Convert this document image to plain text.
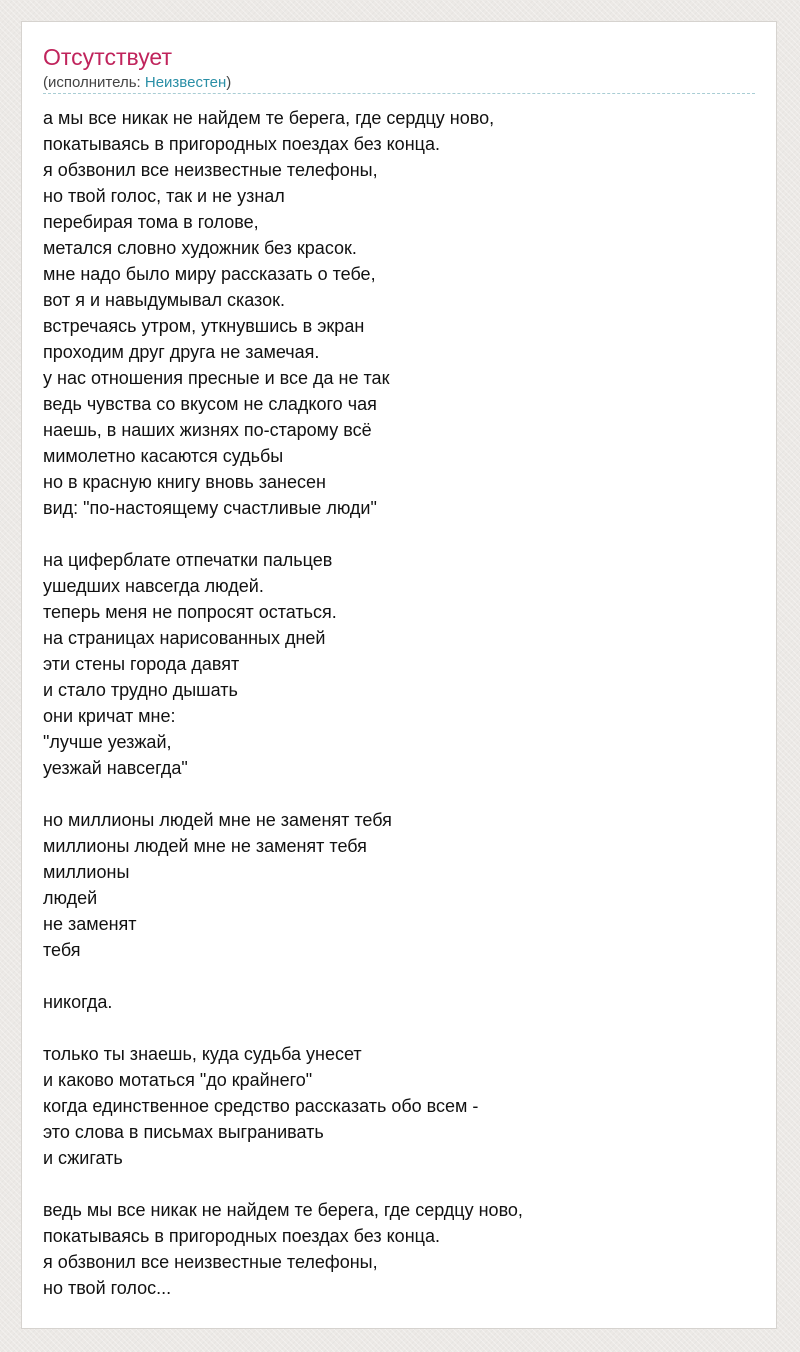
Отсутствует
(исполнитель: Неизвестен)
а мы все никак не найдем те берега, где сердцу ново,
покатываясь в пригородных поездах без конца.
я обзвонил все неизвестные телефоны,
но твой голос, так и не узнал
перебирая тома в голове,
метался словно художник без красок.
мне надо было миру рассказать о тебе,
вот я и навыдумывал сказок.
встречаясь утром, уткнувшись в экран
проходим друг друга не замечая.
у нас отношения пресные и все да не так
ведь чувства со вкусом не сладкого чая
наешь, в наших жизнях по-старому всё
мимолетно касаются судьбы
но в красную книгу вновь занесен
вид: "по-настоящему счастливые люди"
на циферблате отпечатки пальцев
ушедших навсегда людей.
теперь меня не попросят остаться.
на страницах нарисованных дней
эти стены города давят
и стало трудно дышать
они кричат мне:
"лучше уезжай,
уезжай навсегда"
но миллионы людей мне не заменят тебя
миллионы людей мне не заменят тебя
миллионы
людей
не заменят
тебя
никогда.
только ты знаешь, куда судьба унесет
и каково мотаться "до крайнего"
когда единственное средство рассказать обо всем -
это слова в письмах выгранивать
и сжигать
ведь мы все никак не найдем те берега, где сердцу ново,
покатываясь в пригородных поездах без конца.
я обзвонил все неизвестные телефоны,
но твой голос...
